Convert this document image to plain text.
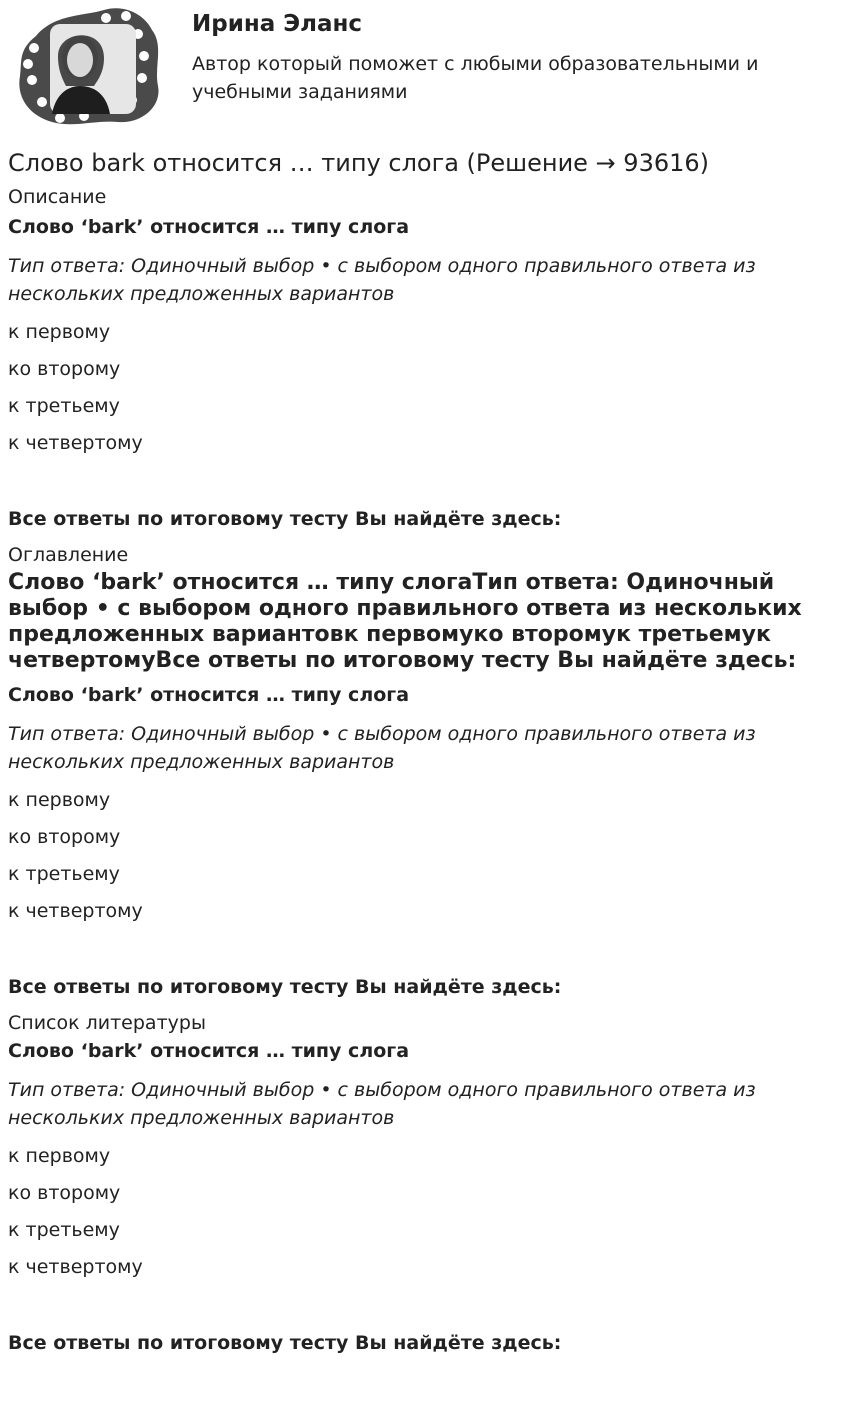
Ирина Эланс
Автор который поможет с любыми образовательными и учебными заданиями
Слово bark относится … типу слога (Решение → 93616)
Описание
Слово ‘bark’ относится … типу слога
Тип ответа: Одиночный выбор • с выбором одного правильного ответа из нескольких предложенных вариантов
к первому
ко второму
к третьему
к четвертому
Все ответы по итоговому тесту Вы найдёте здесь:
Оглавление
Слово ‘bark’ относится … типу слогаТип ответа: Одиночный выбор • с выбором одного правильного ответа из нескольких предложенных вариантовк первомуко второмук третьемук четвертомуВсе ответы по итоговому тесту Вы найдёте здесь:
Слово ‘bark’ относится … типу слога
Тип ответа: Одиночный выбор • с выбором одного правильного ответа из нескольких предложенных вариантов
к первому
ко второму
к третьему
к четвертому
Все ответы по итоговому тесту Вы найдёте здесь:
Список литературы
Слово ‘bark’ относится … типу слога
Тип ответа: Одиночный выбор • с выбором одного правильного ответа из нескольких предложенных вариантов
к первому
ко второму
к третьему
к четвертому
Все ответы по итоговому тесту Вы найдёте здесь:
